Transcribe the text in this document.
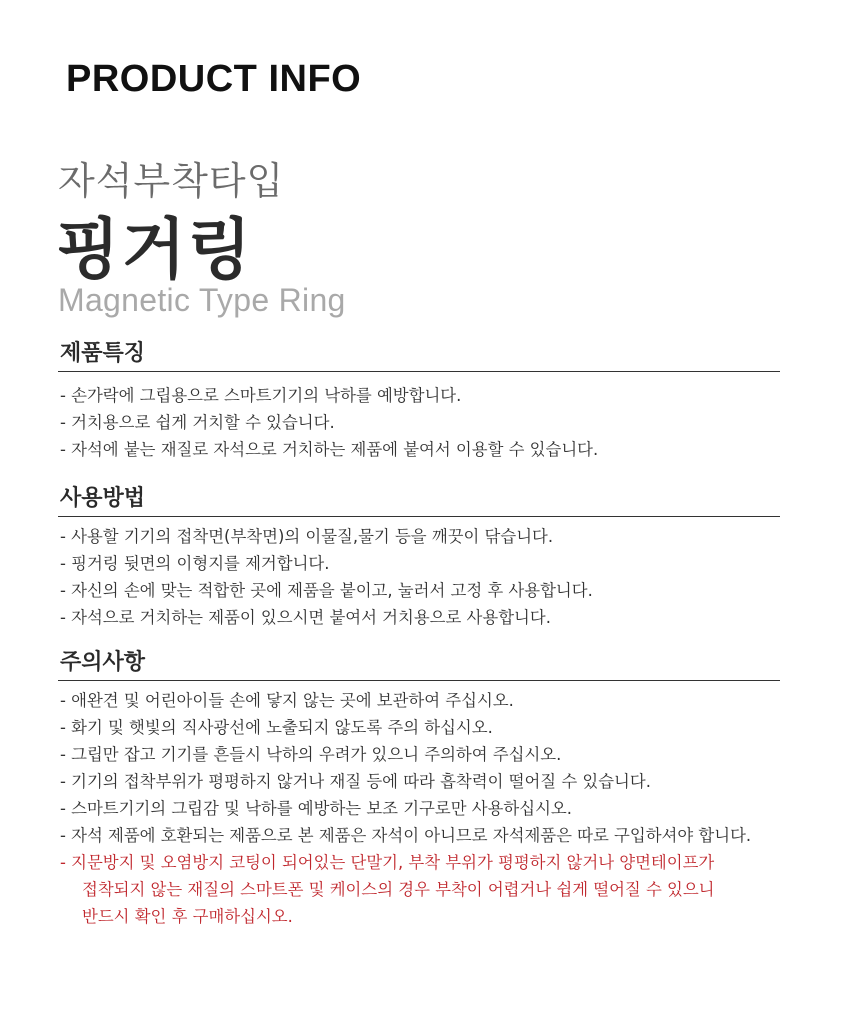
PRODUCT INFO
자석부착타입
핑거링
Magnetic Type Ring
제품특징
- 손가락에 그립용으로 스마트기기의 낙하를 예방합니다.
- 거치용으로 쉽게 거치할 수 있습니다.
- 자석에 붙는 재질로 자석으로 거치하는 제품에 붙여서 이용할 수 있습니다.
사용방법
- 사용할 기기의 접착면(부착면)의 이물질,물기 등을 깨끗이 닦습니다.
- 핑거링 뒷면의 이형지를 제거합니다.
- 자신의 손에 맞는 적합한 곳에 제품을 붙이고, 눌러서 고정 후 사용합니다.
- 자석으로 거치하는 제품이 있으시면 붙여서 거치용으로 사용합니다.
주의사항
- 애완견 및 어린아이들 손에 닿지 않는 곳에 보관하여 주십시오.
- 화기 및 햇빛의 직사광선에 노출되지 않도록 주의 하십시오.
- 그립만 잡고 기기를 흔들시 낙하의 우려가 있으니 주의하여 주십시오.
- 기기의 접착부위가 평평하지 않거나 재질 등에 따라 흡착력이 떨어질 수 있습니다.
- 스마트기기의 그립감 및 낙하를 예방하는 보조 기구로만 사용하십시오.
- 자석 제품에 호환되는 제품으로 본 제품은 자석이 아니므로 자석제품은 따로 구입하셔야 합니다.
- 지문방지 및 오염방지 코팅이 되어있는 단말기, 부착 부위가 평평하지 않거나 양면테이프가
접착되지 않는 재질의 스마트폰 및 케이스의 경우 부착이 어렵거나 쉽게 떨어질 수 있으니
반드시 확인 후 구매하십시오.
